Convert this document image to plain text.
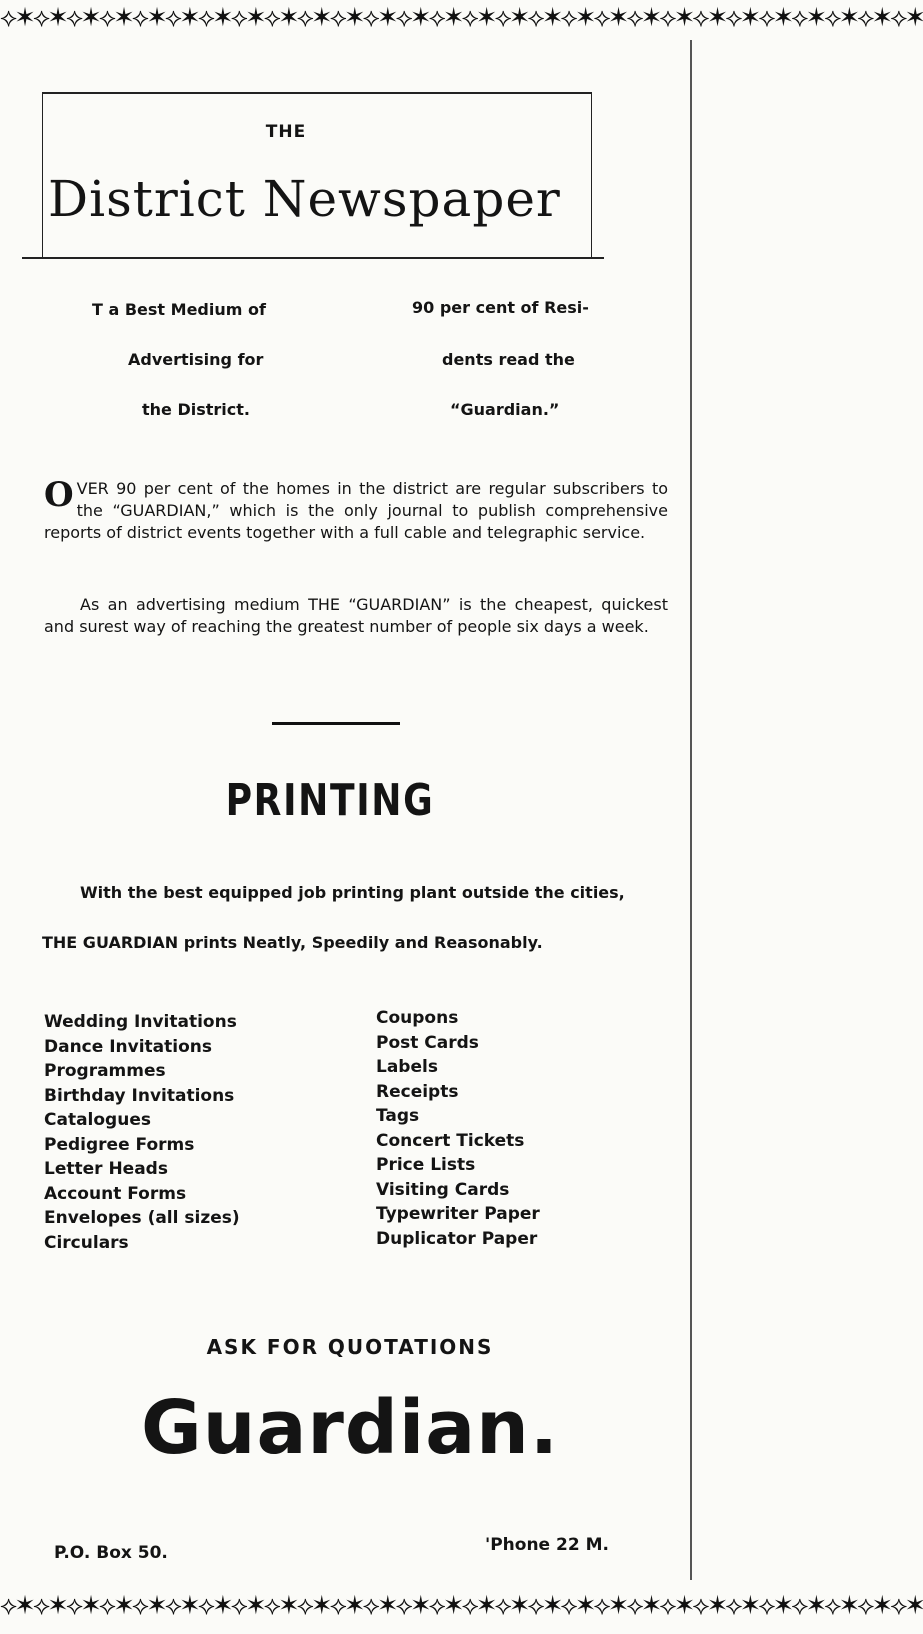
⟡✶⟡✶⟡✶⟡✶⟡✶⟡✶⟡✶⟡✶⟡✶⟡✶⟡✶⟡✶⟡✶⟡✶⟡✶⟡✶⟡✶⟡✶⟡✶⟡✶⟡✶⟡✶⟡✶⟡✶⟡✶⟡✶⟡✶⟡✶
THE
District Newspaper
T a Best Medium of
Advertising for
the District.
90 per cent of Resi-
dents read the
“Guardian.”
OVER 90 per cent of the homes in the district are regular subscribers to the “GUARDIAN,” which is the only journal to publish comprehensive reports of district events together with a full cable and telegraphic service.
As an advertising medium THE “GUARDIAN” is the cheapest, quickest and surest way of reaching the greatest number of people six days a week.
PRINTING
With the best equipped job printing plant outside the cities,
THE GUARDIAN prints Neatly, Speedily and Reasonably.
Wedding Invitations
Dance Invitations
Programmes
Birthday Invitations
Catalogues
Pedigree Forms
Letter Heads
Account Forms
Envelopes (all sizes)
Circulars
Coupons
Post Cards
Labels
Receipts
Tags
Concert Tickets
Price Lists
Visiting Cards
Typewriter Paper
Duplicator Paper
ASK FOR QUOTATIONS
Guardian.
P.O. Box 50.	'Phone 22 M.
⟡✶⟡✶⟡✶⟡✶⟡✶⟡✶⟡✶⟡✶⟡✶⟡✶⟡✶⟡✶⟡✶⟡✶⟡✶⟡✶⟡✶⟡✶⟡✶⟡✶⟡✶⟡✶⟡✶⟡✶⟡✶⟡✶⟡✶⟡✶
